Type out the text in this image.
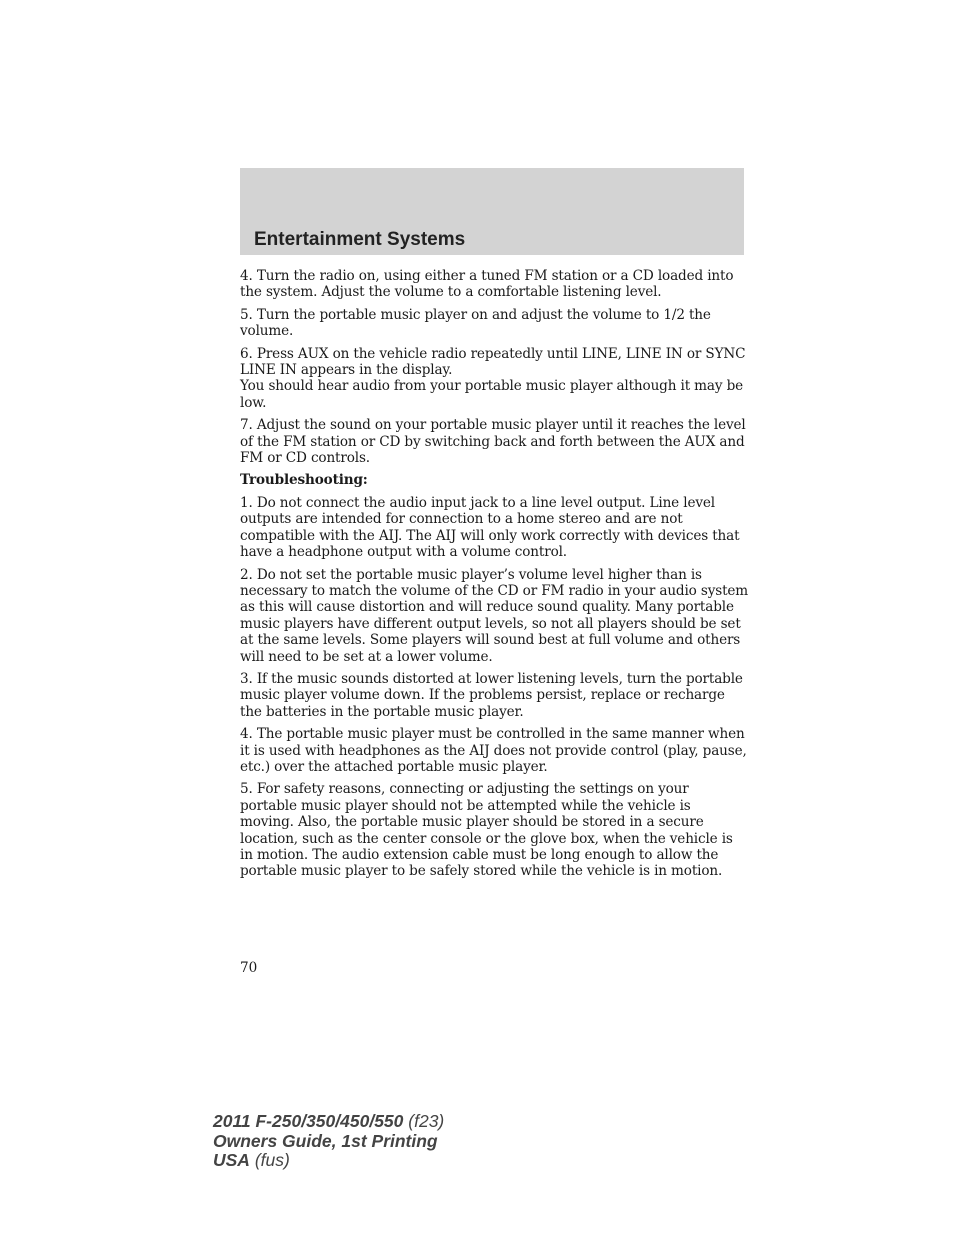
Entertainment Systems

4. Turn the radio on, using either a tuned FM station or a CD loaded into the system. Adjust the volume to a comfortable listening level.

5. Turn the portable music player on and adjust the volume to 1/2 the volume.

6. Press AUX on the vehicle radio repeatedly until LINE, LINE IN or SYNC LINE IN appears in the display.

You should hear audio from your portable music player although it may be low.

7. Adjust the sound on your portable music player until it reaches the level of the FM station or CD by switching back and forth between the AUX and FM or CD controls.

Troubleshooting:

1. Do not connect the audio input jack to a line level output. Line level outputs are intended for connection to a home stereo and are not compatible with the AIJ. The AIJ will only work correctly with devices that have a headphone output with a volume control.

2. Do not set the portable music player’s volume level higher than is necessary to match the volume of the CD or FM radio in your audio system as this will cause distortion and will reduce sound quality. Many portable music players have different output levels, so not all players should be set at the same levels. Some players will sound best at full volume and others will need to be set at a lower volume.

3. If the music sounds distorted at lower listening levels, turn the portable music player volume down. If the problems persist, replace or recharge the batteries in the portable music player.

4. The portable music player must be controlled in the same manner when it is used with headphones as the AIJ does not provide control (play, pause, etc.) over the attached portable music player.

5. For safety reasons, connecting or adjusting the settings on your portable music player should not be attempted while the vehicle is moving. Also, the portable music player should be stored in a secure location, such as the center console or the glove box, when the vehicle is in motion. The audio extension cable must be long enough to allow the portable music player to be safely stored while the vehicle is in motion.

70
2011 F-250/350/450/550 (f23)
Owners Guide, 1st Printing
USA (fus)
